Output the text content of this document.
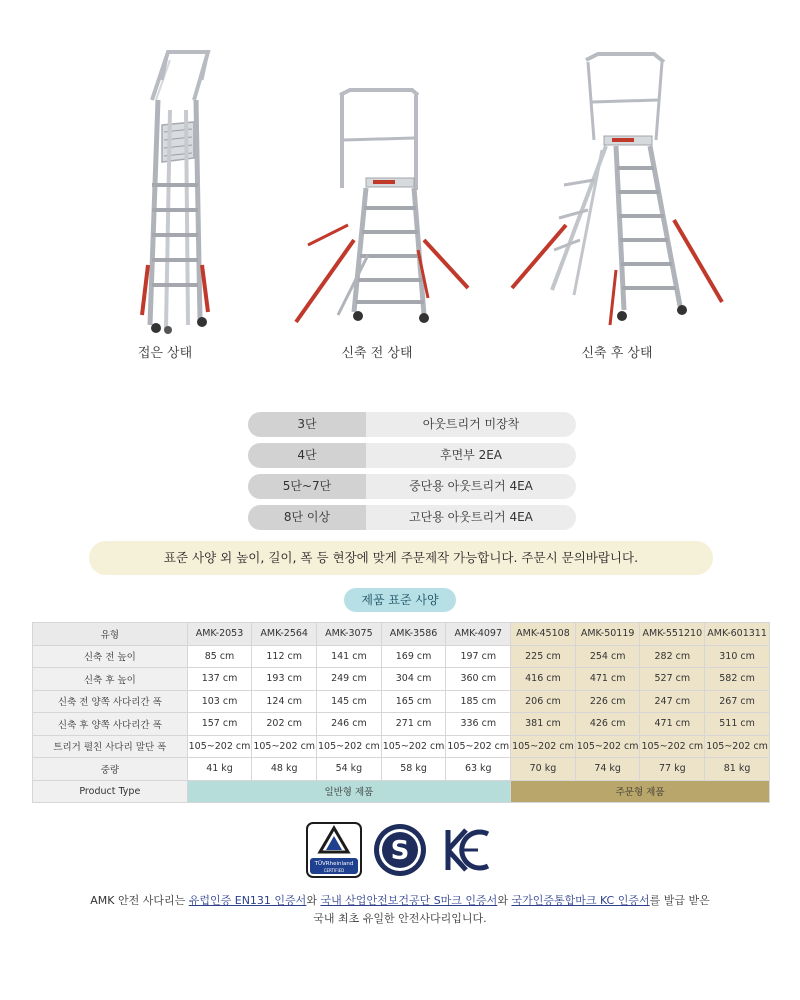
접은 상태	신축 전 상태	신축 후 상태
3단	아웃트리거 미장착
4단	후면부 2EA
5단~7단	중단용 아웃트리거 4EA
8단 이상	고단용 아웃트리거 4EA
표준 사양 외 높이, 길이, 폭 등 현장에 맞게 주문제작 가능합니다. 주문시 문의바랍니다.
제품 표준 사양
유형	AMK-2053	AMK-2564	AMK-3075	AMK-3586	AMK-4097	AMK-45108	AMK-50119	AMK-551210	AMK-601311
신축 전 높이	85 cm	112 cm	141 cm	169 cm	197 cm	225 cm	254 cm	282 cm	310 cm
신축 후 높이	137 cm	193 cm	249 cm	304 cm	360 cm	416 cm	471 cm	527 cm	582 cm
신축 전 양쪽 사다리간 폭	103 cm	124 cm	145 cm	165 cm	185 cm	206 cm	226 cm	247 cm	267 cm
신축 후 양쪽 사다리간 폭	157 cm	202 cm	246 cm	271 cm	336 cm	381 cm	426 cm	471 cm	511 cm
트리거 펼친 사다리 말단 폭	105~202 cm	105~202 cm	105~202 cm	105~202 cm	105~202 cm	105~202 cm	105~202 cm	105~202 cm	105~202 cm
중량	41 kg	48 kg	54 kg	58 kg	63 kg	70 kg	74 kg	77 kg	81 kg
Product Type	일반형 제품					주문형 제품			
TÜVRheinland
CERTIFIED
S
AMK 안전 사다리는 유럽인증 EN131 인증서와 국내 산업안전보건공단 S마크 인증서와 국가인증통합마크 KC 인증서를 발급 받은
국내 최초 유일한 안전사다리입니다.
